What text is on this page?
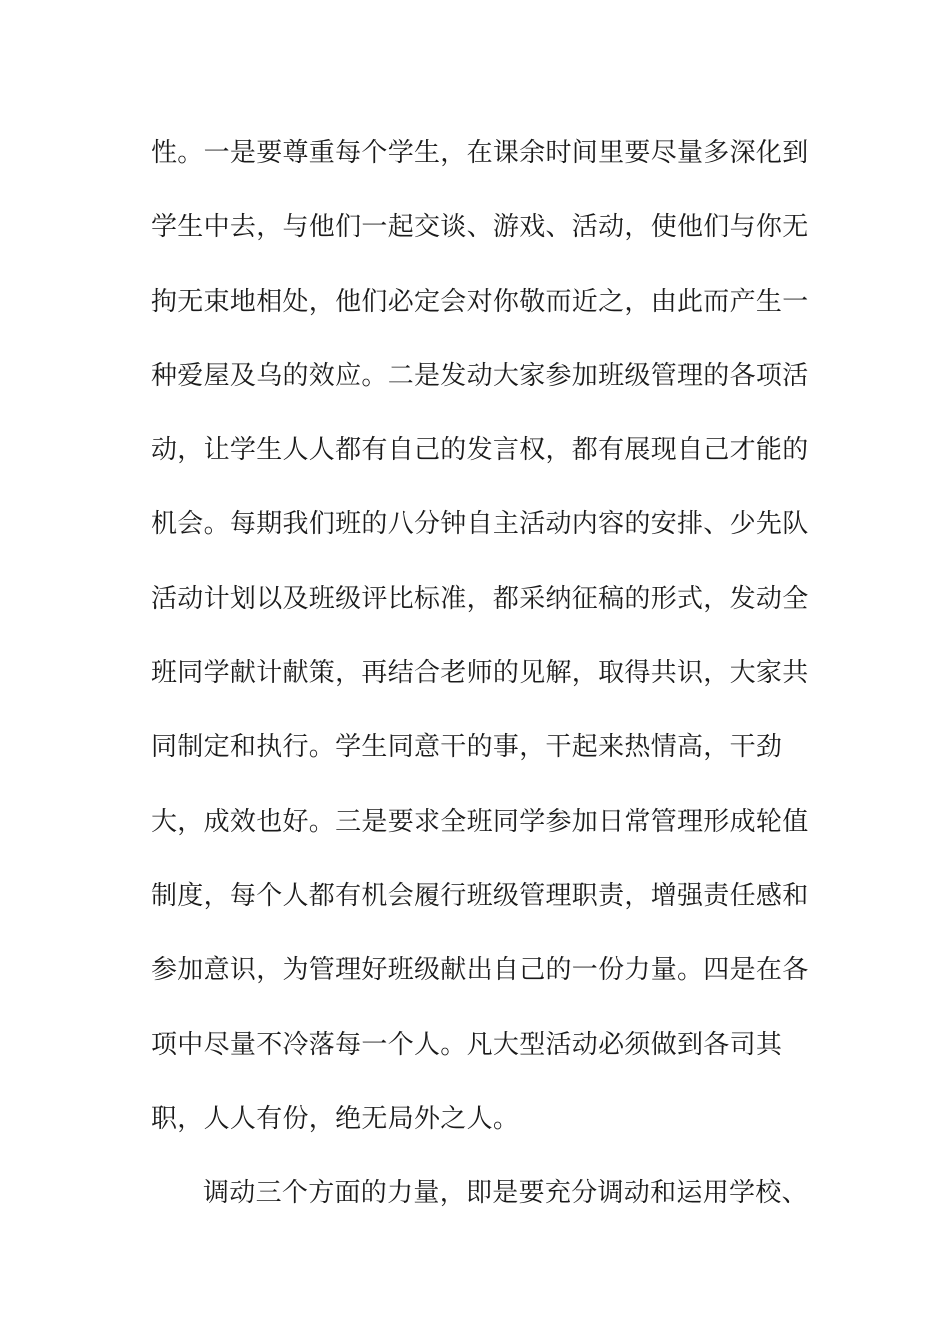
性。一是要尊重每个学生，在课余时间里要尽量多深化到
学生中去，与他们一起交谈、游戏、活动，使他们与你无
拘无束地相处，他们必定会对你敬而近之，由此而产生一
种爱屋及乌的效应。二是发动大家参加班级管理的各项活
动，让学生人人都有自己的发言权，都有展现自己才能的
机会。每期我们班的八分钟自主活动内容的安排、少先队
活动计划以及班级评比标准，都采纳征稿的形式，发动全
班同学献计献策，再结合老师的见解，取得共识，大家共
同制定和执行。学生同意干的事，干起来热情高，干劲
大，成效也好。三是要求全班同学参加日常管理形成轮值
制度，每个人都有机会履行班级管理职责，增强责任感和
参加意识，为管理好班级献出自己的一份力量。四是在各
项中尽量不冷落每一个人。凡大型活动必须做到各司其
职，人人有份，绝无局外之人。
调动三个方面的力量，即是要充分调动和运用学校、
